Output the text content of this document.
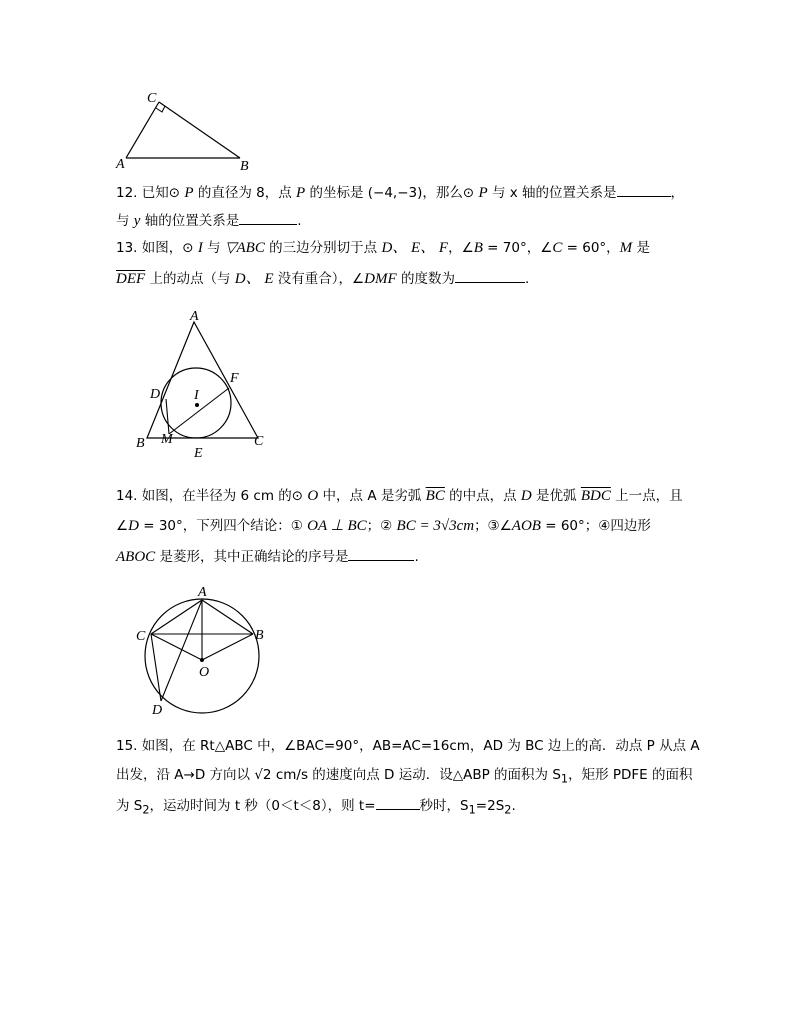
C
A	B
12. 已知⊙ P 的直径为 8，点 P 的坐标是 (−4,−3)，那么⊙ P 与 x 轴的位置关系是	，
与 y 轴的位置关系是	.
13. 如图，⊙ I 与 ▽ABC 的三边分别切于点 D、 E、 F，∠B = 70°，∠C = 60°，M 是
$\overline{DEF}$ 上的动点（与 D、 E 没有重合），∠DMF 的度数为	.
A
B	C
D
E
F
I
M
14. 如图，在半径为 6 cm 的⊙ O 中，点 A 是劣弧 $\overline{BC}$ 的中点，点 D 是优弧 $\overline{BDC}$ 上一点，且
∠D = 30°，下列四个结论：① OA ⊥ BC；② BC = 3√3cm；③∠AOB = 60°；④四边形
ABOC 是菱形，其中正确结论的序号是	.
A
B
C
O
D
15. 如图，在 Rt△ABC 中，∠BAC=90°，AB=AC=16cm，AD 为 BC 边上的高．动点 P 从点 A
出发，沿 A→D 方向以 √2 cm/s 的速度向点 D 运动．设△ABP 的面积为 $S_1$，矩形 PDFE 的面积
为 $S_2$，运动时间为 t 秒（0＜t＜8），则 t=	秒时，$S_1=2S_2$.
